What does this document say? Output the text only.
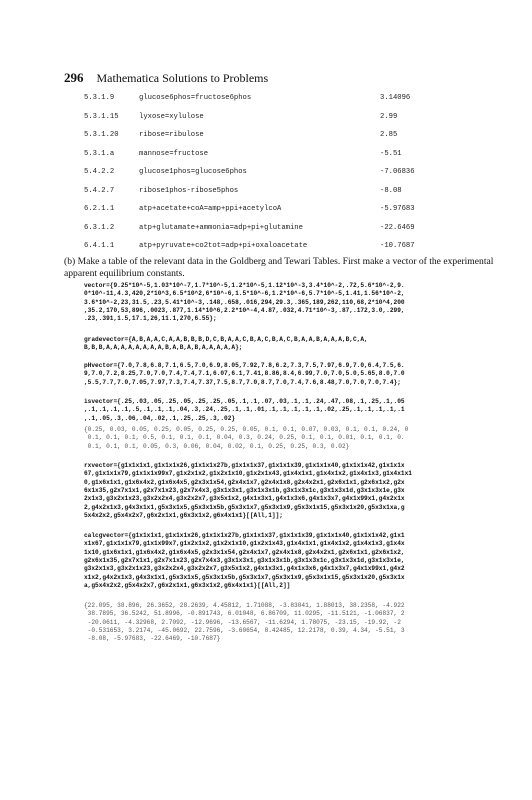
296 Mathematica Solutions to Problems
5.3.1.9	glucose6phos=fructose6phos	3.14096
5.3.1.15	lyxose=xylulose	2.99
5.3.1.20	ribose=ribulose	2.85
5.3.1.a	mannose=fructose	-5.51
5.4.2.2	glucose1phos=glucose6phos	-7.06836
5.4.2.7	ribose1phos-ribose5phos	-8.08
6.2.1.1	atp+acetate+coA=amp+ppi+acetylcoA	-5.97683
6.3.1.2	atp+glutamate+ammonia=adp+pi+glutamine	-22.6469
6.4.1.1	atp+pyruvate+co2tot=adp+pi+oxaloacetate	-10.7687
(b) Make a table of the relevant data in the Goldberg and Tewari Tables. First make a vector of the experimental apparent equilibrium constants.
vector={9.25*10^-5,1.03*10^-7,1.7*10^-5,1.2*10^-5,1.12*10^-3,3.4*10^-2,.72,5.6*10^-2,9.
0*10^-11,4.3,420,2*10^3,6.5*10^2,6*10^-6,1.5*10^-6,1.2*10^-6,5.7*10^-5,1.41,1.56*10^-2,
3.6*10^-2,23,31.5,.23,5.41*10^-3,.148,.658,.016,294,29.3,.365,189,262,110,68,2*10^4,200
,35.2,170,53,896,.0023,.877,1.14*10^6,2.2*10^-4,4.87,.032,4.71*10^-3,.87,.172,3.0,.299,
.23,.391,1.5,17.1,26,11.1,270,6.55};
gradevector={A,B,A,A,C,A,A,B,B,B,D,C,B,A,A,C,B,A,C,B,A,C,B,A,A,B,A,A,A,B,C,A,
B,B,B,A,A,A,A,A,A,A,A,B,A,B,A,B,A,A,A,A,A};
pHvector={7.0,7.8,6.8,7.1,6.5,7.0,6.9,8.05,7.92,7.8,6.2,7.3,7.5,7.97,6.9,7.0,6.4,7.5,6.
9,7.0,7.2,8.25,7.0,7.0,7.4,7.4,7.1,6.07,6.1,7.41,8.86,8.4,6.99,7.0,7.0,5.0,5.65,8.0,7.0
,5.5,7.7,7.0,7.05,7.97,7.3,7.4,7.37,7.5,8.7,7.0,8.7,7.0,7.4,7.6,8.48,7.0,7.0,7.0,7.4};
isvector={.25,.03,.05,.25,.05,.25,.25,.05,.1,.1,.07,.03,.1,.1,.24,.47,.08,.1,.25,.1,.05
,.1,.1,.1,.1,.5,.1,.1,.1,.04,.3,.24,.25,.1,.1,.01,.1,.1,.1,.1,.1,.02,.25,.1,.1,.1,.1,.1
,.1,.05,.3,.06,.04,.02,.1,.25,.25,.3,.02}
{0.25, 0.03, 0.05, 0.25, 0.05, 0.25, 0.25, 0.05, 0.1, 0.1, 0.07, 0.03, 0.1, 0.1, 0.24, 0
0.1, 0.1, 0.1, 0.5, 0.1, 0.1, 0.1, 0.04, 0.3, 0.24, 0.25, 0.1, 0.1, 0.01, 0.1, 0.1, 0.
0.1, 0.1, 0.1, 0.05, 0.3, 0.06, 0.04, 0.02, 0.1, 0.25, 0.25, 0.3, 0.02}
rxvector={g1x1x1x1,g1x1x1x26,g1x1x1x27b,g1x1x1x37,g1x1x1x39,g1x1x1x40,g1x1x1x42,g1x1x1x
67,g1x1x1x79,g1x1x1x99x7,g1x2x1x2,g1x2x1x10,g1x2x1x43,g1x4x1x1,g1x4x1x2,g1x4x1x3,g1x4x1x1
0,g1x6x1x1,g1x6x4x2,g1x6x4x5,g2x3x1x54,g2x4x1x7,g2x4x1x8,g2x4x2x1,g2x6x1x1,g2x6x1x2,g2x
6x1x35,g2x7x1x1,g2x7x1x23,g2x7x4x3,g3x1x3x1,g3x1x3x1b,g3x1x3x1c,g3x1x3x1d,g3x1x3x1e,g3x
2x1x3,g3x2x1x23,g3x2x2x4,g3x2x2x7,g3x5x1x2,g4x1x3x1,g4x1x3x6,g4x1x3x7,g4x1x99x1,g4x2x1x
2,g4x2x1x3,g4x3x1x1,g5x3x1x5,g5x3x1x5b,g5x3x1x7,g5x3x1x9,g5x3x1x15,g5x3x1x20,g5x3x1xa,g
5x4x2x2,g5x4x2x7,g6x2x1x1,g6x3x1x2,g6x4x1x1}[[All,1]];
calcgvector={g1x1x1x1,g1x1x1x26,g1x1x1x27b,g1x1x1x37,g1x1x1x39,g1x1x1x40,g1x1x1x42,g1x1
x1x67,g1x1x1x79,g1x1x99x7,g1x2x1x2,g1x2x1x10,g1x2x1x43,g1x4x1x1,g1x4x1x2,g1x4x1x3,g1x4x
1x10,g1x6x1x1,g1x6x4x2,g1x6x4x5,g2x3x1x54,g2x4x1x7,g2x4x1x8,g2x4x2x1,g2x6x1x1,g2x6x1x2,
g2x6x1x35,g2x7x1x1,g2x7x1x23,g2x7x4x3,g3x1x3x1,g3x1x3x1b,g3x1x3x1c,g3x1x3x1d,g3x1x3x1e,
g3x2x1x3,g3x2x1x23,g3x2x2x4,g3x2x2x7,g3x5x1x2,g4x1x3x1,g4x1x3x6,g4x1x3x7,g4x1x99x1,g4x2
x1x2,g4x2x1x3,g4x3x1x1,g5x3x1x5,g5x3x1x5b,g5x3x1x7,g5x3x1x9,g5x3x1x15,g5x3x1x20,g5x3x1x
a,g5x4x2x2,g5x4x2x7,g6x2x1x1,g6x3x1x2,g6x4x1x1}[[All,2]]
{22.095, 38.896, 26.3652, 28.2639, 4.45812, 1.71088, -3.83041, 1.88013, 38.2358, -4.922
38.7895, 36.5242, 51.8996, -0.891743, 6.01048, 6.86709, 11.0295, -11.5121, -1.06837, 2
-20.0611, -4.32968, 2.7092, -12.9696, -13.6567, -11.6294, 1.78075, -23.15, -19.92, -2
-0.531653, 3.2174, -45.0692, 22.7596, -3.60654, 8.42485, 12.2178, 0.39, 4.34, -5.51, 3
-8.08, -5.97683, -22.6469, -10.7687}
